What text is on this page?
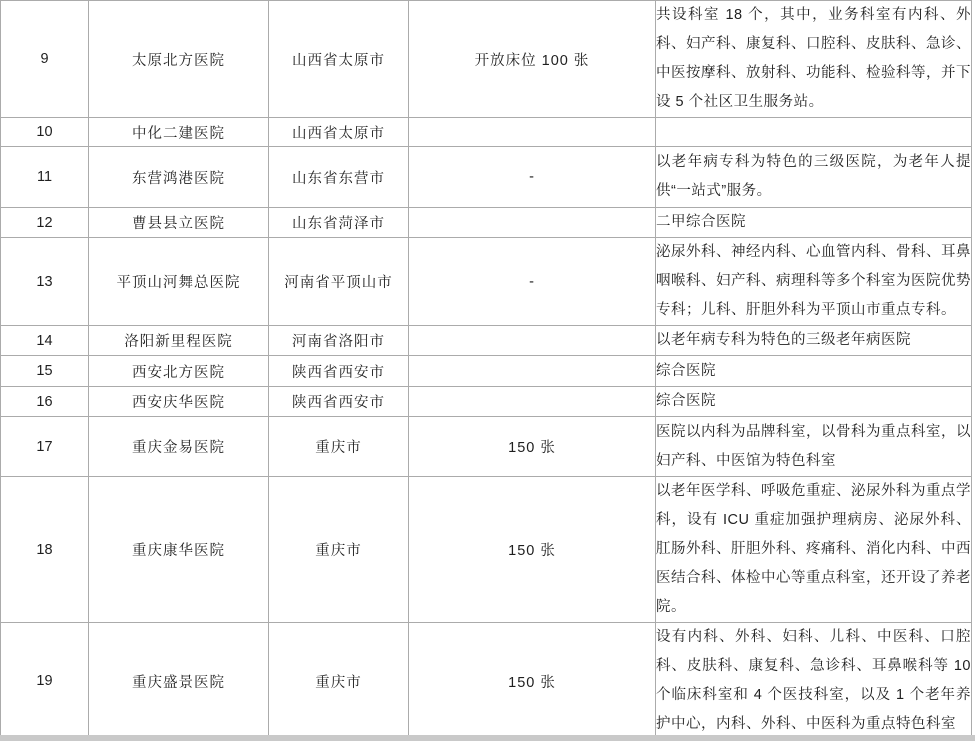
9	太原北方医院	山西省太原市	开放床位 100 张	共设科室 18 个，其中，业务科室有内科、外科、妇产科、康复科、口腔科、皮肤科、急诊、中医按摩科、放射科、功能科、检验科等，并下设 5 个社区卫生服务站。
10	中化二建医院	山西省太原市		
11	东营鸿港医院	山东省东营市	-	以老年病专科为特色的三级医院，为老年人提供“一站式”服务。
12	曹县县立医院	山东省菏泽市		二甲综合医院
13	平顶山河舞总医院	河南省平顶山市	-	泌尿外科、神经内科、心血管内科、骨科、耳鼻咽喉科、妇产科、病理科等多个科室为医院优势专科；儿科、肝胆外科为平顶山市重点专科。
14	洛阳新里程医院	河南省洛阳市		以老年病专科为特色的三级老年病医院
15	西安北方医院	陕西省西安市		综合医院
16	西安庆华医院	陕西省西安市		综合医院
17	重庆金易医院	重庆市	150 张	医院以内科为品牌科室，以骨科为重点科室，以妇产科、中医馆为特色科室
18	重庆康华医院	重庆市	150 张	以老年医学科、呼吸危重症、泌尿外科为重点学科，设有 ICU 重症加强护理病房、泌尿外科、肛肠外科、肝胆外科、疼痛科、消化内科、中西医结合科、体检中心等重点科室，还开设了养老院。
19	重庆盛景医院	重庆市	150 张	设有内科、外科、妇科、儿科、中医科、口腔科、皮肤科、康复科、急诊科、耳鼻喉科等 10 个临床科室和 4 个医技科室，以及 1 个老年养护中心，内科、外科、中医科为重点特色科室
